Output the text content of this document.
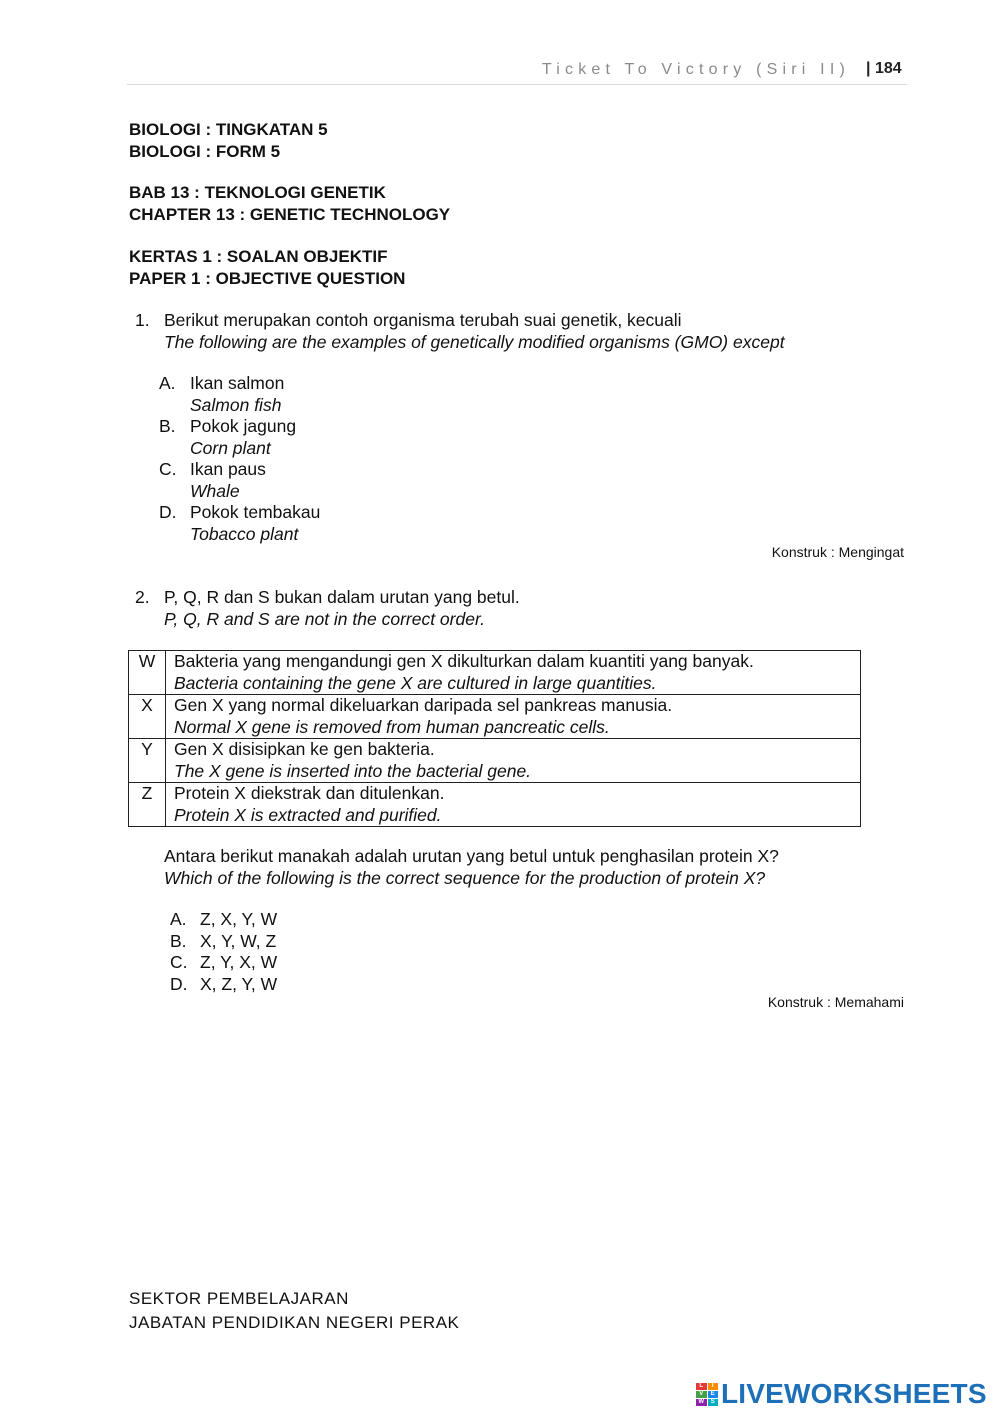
Ticket To Victory (Siri II) | 184
BIOLOGI : TINGKATAN 5
BIOLOGI : FORM 5
BAB 13 : TEKNOLOGI GENETIK
CHAPTER 13 : GENETIC TECHNOLOGY
KERTAS 1 : SOALAN OBJEKTIF
PAPER 1 : OBJECTIVE QUESTION
1. Berikut merupakan contoh organisma terubah suai genetik, kecuali
The following are the examples of genetically modified organisms (GMO) except
A. Ikan salmon
Salmon fish
B. Pokok jagung
Corn plant
C. Ikan paus
Whale
D. Pokok tembakau
Tobacco plant
Konstruk : Mengingat
2. P, Q, R dan S bukan dalam urutan yang betul.
P, Q, R and S are not in the correct order.
W	Bakteria yang mengandungi gen X dikulturkan dalam kuantiti yang banyak.
Bacteria containing the gene X are cultured in large quantities.

X	Gen X yang normal dikeluarkan daripada sel pankreas manusia.
Normal X gene is removed from human pancreatic cells.

Y	Gen X disisipkan ke gen bakteria.
The X gene is inserted into the bacterial gene.

Z	Protein X diekstrak dan ditulenkan.
Protein X is extracted and purified.
Antara berikut manakah adalah urutan yang betul untuk penghasilan protein X?
Which of the following is the correct sequence for the production of protein X?
A. Z, X, Y, W
B. X, Y, W, Z
C. Z, Y, X, W
D. X, Z, Y, W
Konstruk : Memahami
SEKTOR PEMBELAJARAN
JABATAN PENDIDIKAN NEGERI PERAK
L	I
V	E
W	S LIVEWORKSHEETS
